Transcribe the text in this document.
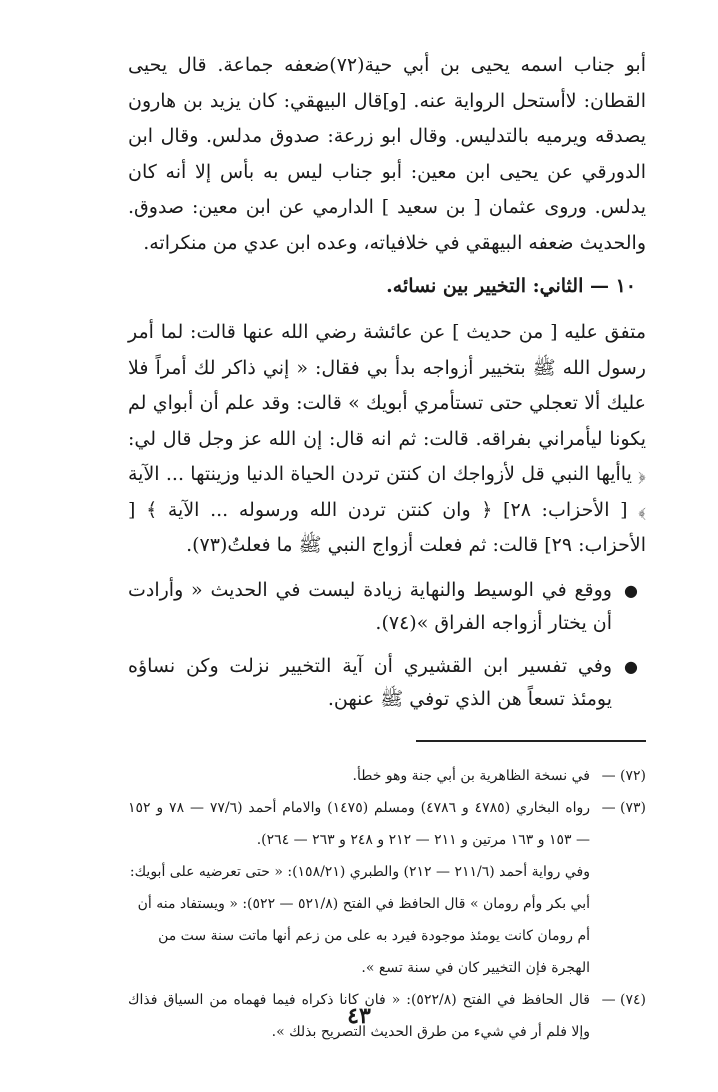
أبو جناب اسمه يحيى بن أبي حية(٧٢)ضعفه جماعة. قال يحيى القطان: لاأستحل الرواية عنه. [و]قال البيهقي: كان يزيد بن هارون يصدقه ويرميه بالتدليس. وقال ابو زرعة: صدوق مدلس. وقال ابن الدورقي عن يحيى ابن معين: أبو جناب ليس به بأس إلا أنه كان يدلس. وروى عثمان [ بن سعيد ] الدارمي عن ابن معين: صدوق. والحديث ضعفه البيهقي في خلافياته، وعده ابن عدي من منكراته.

١٠ — الثاني: التخيير بين نسائه.

متفق عليه [ من حديث ] عن عائشة رضي الله عنها قالت: لما أمر رسول الله ﷺ بتخيير أزواجه بدأ بي فقال: « إني ذاكر لك أمراً فلا عليك ألا تعجلي حتى تستأمري أبويك » قالت: وقد علم أن أبواي لم يكونا ليأمراني بفراقه. قالت: ثم انه قال: إن الله عز وجل قال لي: ﴿ ياأيها النبي قل لأزواجك ان كنتن تردن الحياة الدنيا وزينتها ... الآية ﴾ [ الأحزاب: ٢٨] ﴿ وان كنتن تردن الله ورسوله ... الآية ﴾ [ الأحزاب: ٢٩] قالت: ثم فعلت أزواج النبي ﷺ ما فعلتُ(٧٣).

●
ووقع في الوسيط والنهاية زيادة ليست في الحديث « وأرادت أن يختار أزواجه الفراق »(٧٤).
●
وفي تفسير ابن القشيري أن آية التخيير نزلت وكن نساؤه يومئذ تسعاً هن الذي توفي ﷺ عنهن.

(٧٢) —
في نسخة الظاهرية بن أبي جنة وهو خطأ.

(٧٣) —
رواه البخاري (٤٧٨٥ و ٤٧٨٦) ومسلم (١٤٧٥) والامام أحمد (٧٧/٦ — ٧٨ و ١٥٢ — ١٥٣ و ١٦٣ مرتين و ٢١١ — ٢١٢ و ٢٤٨ و ٢٦٣ — ٢٦٤).

وفي رواية أحمد (٢١١/٦ — ٢١٢) والطبري (١٥٨/٢١): « حتى تعرضيه على أبويك: أبي بكر وأم رومان » قال الحافظ في الفتح (٥٢١/٨ — ٥٢٢): « ويستفاد منه أن أم رومان كانت يومئذ موجودة فيرد به على من زعم أنها ماتت سنة ست من الهجرة فإن التخيير كان في سنة تسع ».

(٧٤) —
قال الحافظ في الفتح (٥٢٢/٨): « فان كانا ذكراه فيما فهماه من السياق فذاك وإلا فلم أر في شيء من طرق الحديث التصريح بذلك ».

٤٣
